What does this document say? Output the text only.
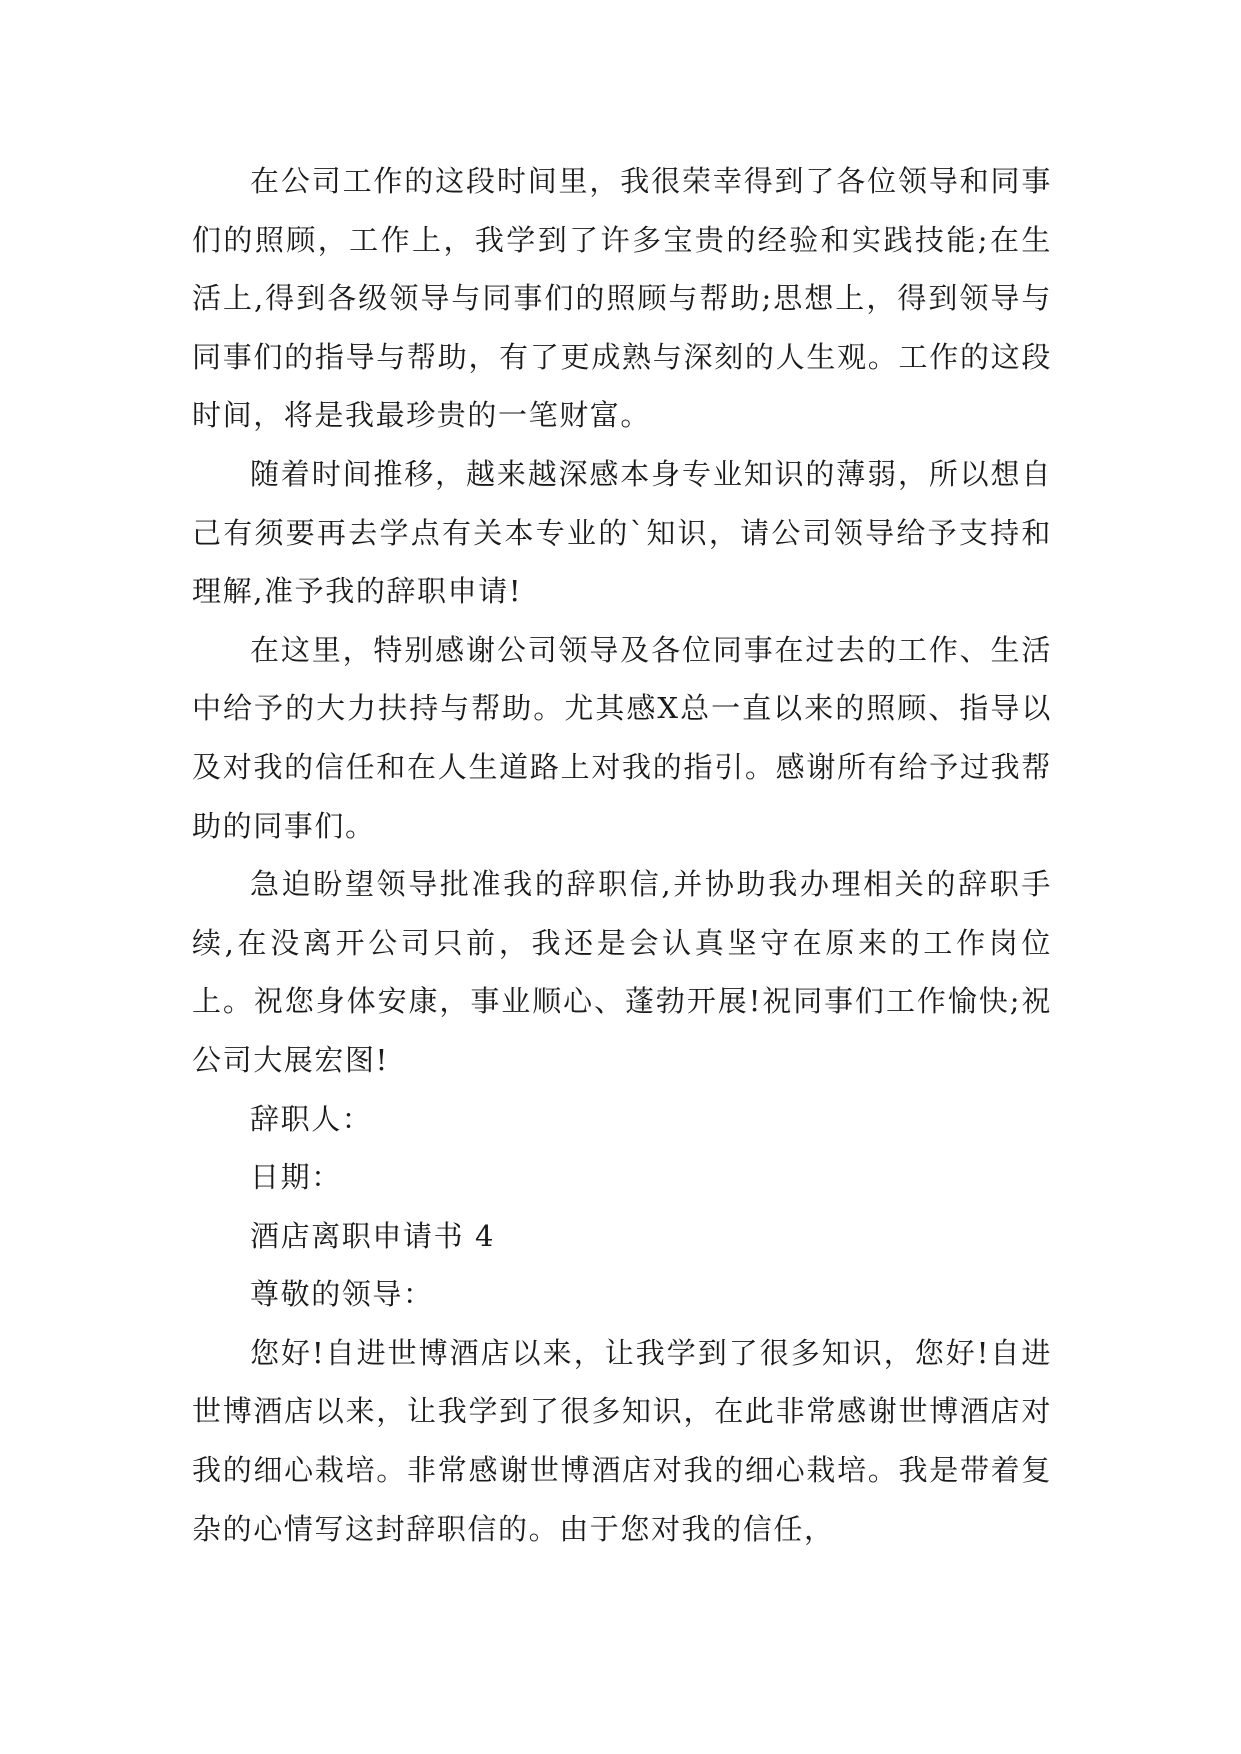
在公司工作的这段时间里，我很荣幸得到了各位领导和同事们的照顾，工作上，我学到了许多宝贵的经验和实践技能;在生活上,得到各级领导与同事们的照顾与帮助;思想上，得到领导与同事们的指导与帮助，有了更成熟与深刻的人生观。工作的这段时间，将是我最珍贵的一笔财富。

随着时间推移，越来越深感本身专业知识的薄弱，所以想自己有须要再去学点有关本专业的`知识，请公司领导给予支持和理解,准予我的辞职申请!

在这里，特别感谢公司领导及各位同事在过去的工作、生活中给予的大力扶持与帮助。尤其感X总一直以来的照顾、指导以及对我的信任和在人生道路上对我的指引。感谢所有给予过我帮助的同事们。

急迫盼望领导批准我的辞职信,并协助我办理相关的辞职手续,在没离开公司只前，我还是会认真坚守在原来的工作岗位上。祝您身体安康，事业顺心、蓬勃开展!祝同事们工作愉快;祝公司大展宏图!

辞职人：

日期：

酒店离职申请书 4

尊敬的领导：

您好!自进世博酒店以来，让我学到了很多知识，您好!自进世博酒店以来，让我学到了很多知识，在此非常感谢世博酒店对我的细心栽培。非常感谢世博酒店对我的细心栽培。我是带着复杂的心情写这封辞职信的。由于您对我的信任，
